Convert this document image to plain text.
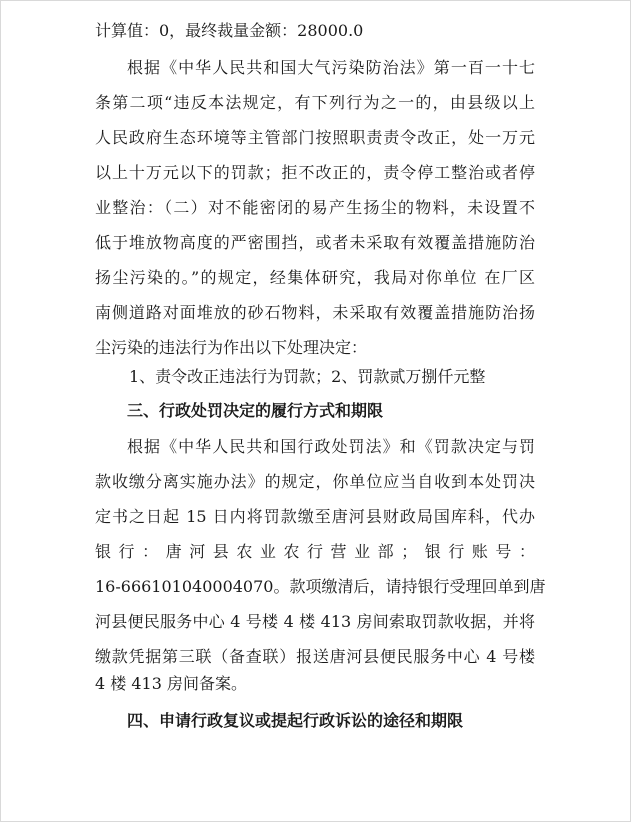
计算值：0，最终裁量金额：28000.0

根据《中华人民共和国大气污染防治法》第一百一十七

条第二项“违反本法规定，有下列行为之一的，由县级以上

人民政府生态环境等主管部门按照职责责令改正，处一万元

以上十万元以下的罚款；拒不改正的，责令停工整治或者停

业整治：（二）对不能密闭的易产生扬尘的物料，未设置不

低于堆放物高度的严密围挡，或者未采取有效覆盖措施防治

扬尘污染的。”的规定，经集体研究，我局对你单位 在厂区

南侧道路对面堆放的砂石物料，未采取有效覆盖措施防治扬

尘污染的违法行为作出以下处理决定：

1、责令改正违法行为罚款；2、罚款贰万捌仟元整

三、行政处罚决定的履行方式和期限

根据《中华人民共和国行政处罚法》和《罚款决定与罚

款收缴分离实施办法》的规定，你单位应当自收到本处罚决

定书之日起 15 日内将罚款缴至唐河县财政局国库科，代办

银行：唐河县农业农行营业部；银行账号：

16-666101040004070。款项缴清后，请持银行受理回单到唐

河县便民服务中心 4 号楼 4 楼 413 房间索取罚款收据，并将

缴款凭据第三联（备查联）报送唐河县便民服务中心 4 号楼

4 楼 413 房间备案。

四、申请行政复议或提起行政诉讼的途径和期限
